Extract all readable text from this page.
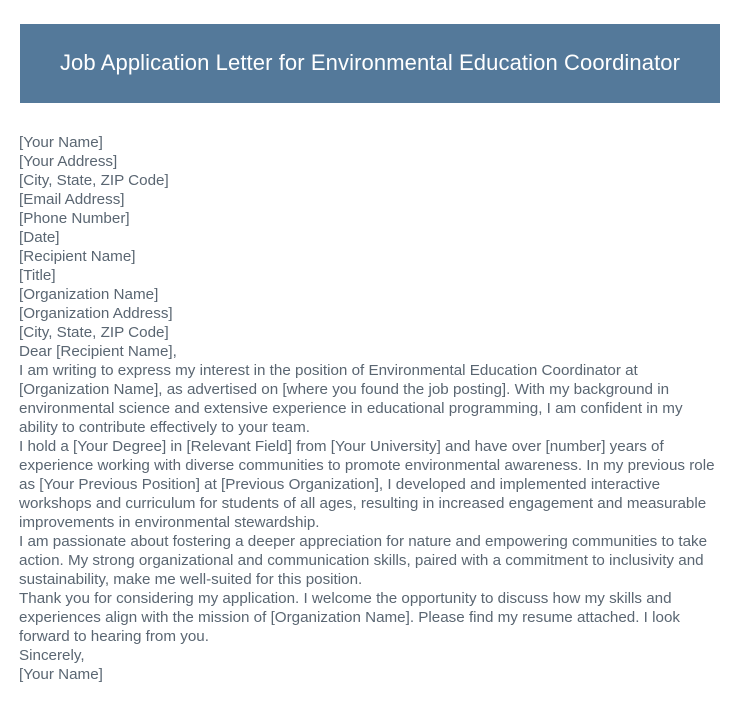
Job Application Letter for Environmental Education Coordinator
[Your Name]
[Your Address]
[City, State, ZIP Code]
[Email Address]
[Phone Number]
[Date]
[Recipient Name]
[Title]
[Organization Name]
[Organization Address]
[City, State, ZIP Code]
Dear [Recipient Name],
I am writing to express my interest in the position of Environmental Education Coordinator at [Organization Name], as advertised on [where you found the job posting]. With my background in environmental science and extensive experience in educational programming, I am confident in my ability to contribute effectively to your team.
I hold a [Your Degree] in [Relevant Field] from [Your University] and have over [number] years of experience working with diverse communities to promote environmental awareness. In my previous role as [Your Previous Position] at [Previous Organization], I developed and implemented interactive workshops and curriculum for students of all ages, resulting in increased engagement and measurable improvements in environmental stewardship.
I am passionate about fostering a deeper appreciation for nature and empowering communities to take action. My strong organizational and communication skills, paired with a commitment to inclusivity and sustainability, make me well-suited for this position.
Thank you for considering my application. I welcome the opportunity to discuss how my skills and experiences align with the mission of [Organization Name]. Please find my resume attached. I look forward to hearing from you.
Sincerely,
[Your Name]
